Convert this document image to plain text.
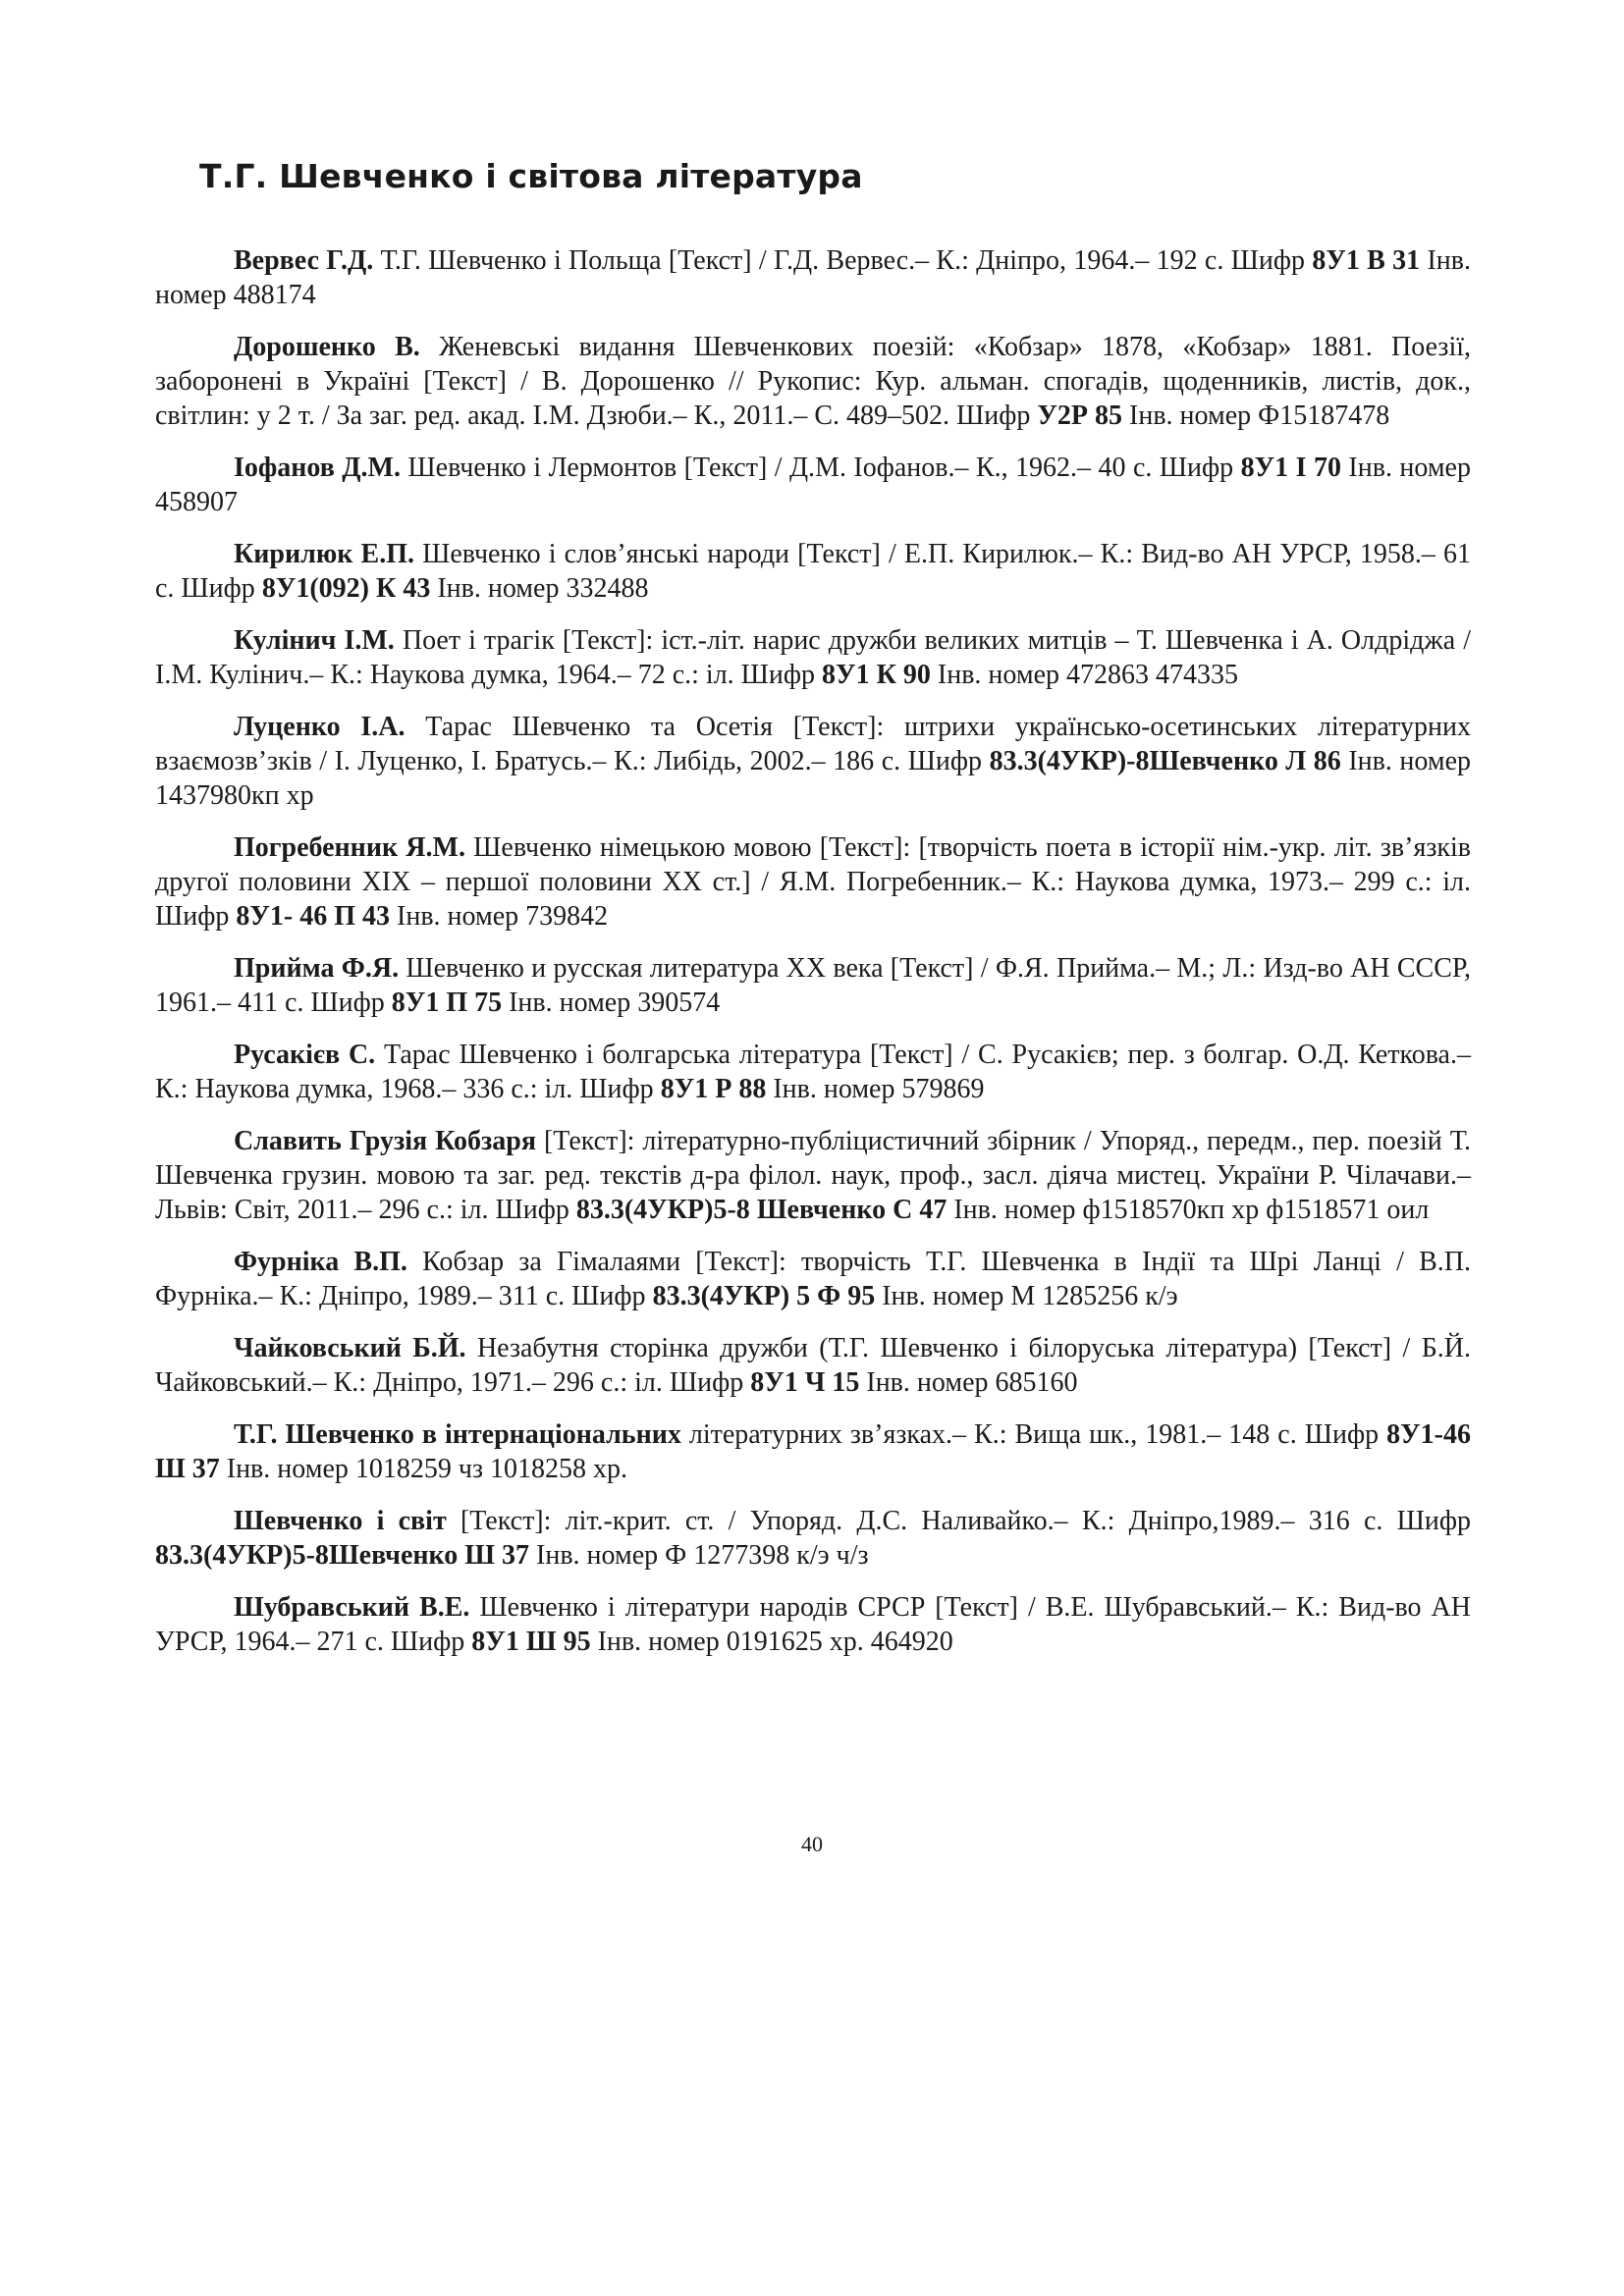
Т.Г. Шевченко і світова література

Вервес Г.Д. Т.Г. Шевченко і Польща [Текст] / Г.Д. Вервес.– К.: Дніпро, 1964.– 192 с. Шифр 8У1 В 31 Інв. номер 488174

Дорошенко В. Женевські видання Шевченкових поезій: «Кобзар» 1878, «Кобзар» 1881. Поезії, заборонені в Україні [Текст] / В. Дорошенко // Рукопис: Кур. альман. спогадів, щоденників, листів, док., світлин: у 2 т. / За заг. ред. акад. І.М. Дзюби.– К., 2011.– С. 489–502. Шифр У2Р 85 Інв. номер Ф15187478

Іофанов Д.М. Шевченко і Лермонтов [Текст] / Д.М. Іофанов.– К., 1962.– 40 с. Шифр 8У1 І 70 Інв. номер 458907

Кирилюк Е.П. Шевченко і слов’янські народи [Текст] / Е.П. Кирилюк.– К.: Вид-во АН УРСР, 1958.– 61 с. Шифр 8У1(092) К 43 Інв. номер 332488

Кулінич І.М. Поет і трагік [Текст]: іст.-літ. нарис дружби великих митців – Т. Шевченка і А. Олдріджа / І.М. Кулінич.– К.: Наукова думка, 1964.– 72 с.: іл. Шифр 8У1 К 90 Інв. номер 472863 474335

Луценко І.А. Тарас Шевченко та Осетія [Текст]: штрихи українсько-осетинських літературних взаємозв’зків / І. Луценко, І. Братусь.– К.: Либідь, 2002.– 186 с. Шифр 83.3(4УКР)-8Шевченко Л 86 Інв. номер 1437980кп хр

Погребенник Я.М. Шевченко німецькою мовою [Текст]: [творчість поета в історії нім.-укр. літ. зв’язків другої половини XIX – першої половини XX ст.] / Я.М. Погребенник.– К.: Наукова думка, 1973.– 299 с.: іл. Шифр 8У1- 46 П 43 Інв. номер 739842

Прийма Ф.Я. Шевченко и русская литература XX века [Текст] / Ф.Я. Прийма.– М.; Л.: Изд-во АН СССР, 1961.– 411 с. Шифр 8У1 П 75 Інв. номер 390574

Русакієв С. Тарас Шевченко і болгарська література [Текст] / С. Русакієв; пер. з болгар. О.Д. Кеткова.– К.: Наукова думка, 1968.– 336 с.: іл. Шифр 8У1 Р 88 Інв. номер 579869

Славить Грузія Кобзаря [Текст]: літературно-публіцистичний збірник / Упоряд., передм., пер. поезій Т. Шевченка грузин. мовою та заг. ред. текстів д-ра філол. наук, проф., засл. діяча мистец. України Р. Чілачави.– Львів: Світ, 2011.– 296 с.: іл. Шифр 83.3(4УКР)5-8 Шевченко С 47 Інв. номер ф1518570кп хр ф1518571 оил

Фурніка В.П. Кобзар за Гімалаями [Текст]: творчість Т.Г. Шевченка в Індії та Шрі Ланці / В.П. Фурніка.– К.: Дніпро, 1989.– 311 с. Шифр 83.3(4УКР) 5 Ф 95 Інв. номер М 1285256 к/э

Чайковський Б.Й. Незабутня сторінка дружби (Т.Г. Шевченко і білоруська література) [Текст] / Б.Й. Чайковський.– К.: Дніпро, 1971.– 296 с.: іл. Шифр 8У1 Ч 15 Інв. номер 685160

Т.Г. Шевченко в інтернаціональних літературних зв’язках.– К.: Вища шк., 1981.– 148 с. Шифр 8У1-46 Ш 37 Інв. номер 1018259 чз 1018258 хр.

Шевченко і світ [Текст]: літ.-крит. ст. / Упоряд. Д.С. Наливайко.– К.: Дніпро,1989.– 316 с. Шифр 83.3(4УКР)5-8Шевченко Ш 37 Інв. номер Ф 1277398 к/э ч/з

Шубравський В.Е. Шевченко і літератури народів СРСР [Текст] / В.Е. Шубравський.– К.: Вид-во АН УРСР, 1964.– 271 с. Шифр 8У1 Ш 95 Інв. номер 0191625 хр. 464920

40
